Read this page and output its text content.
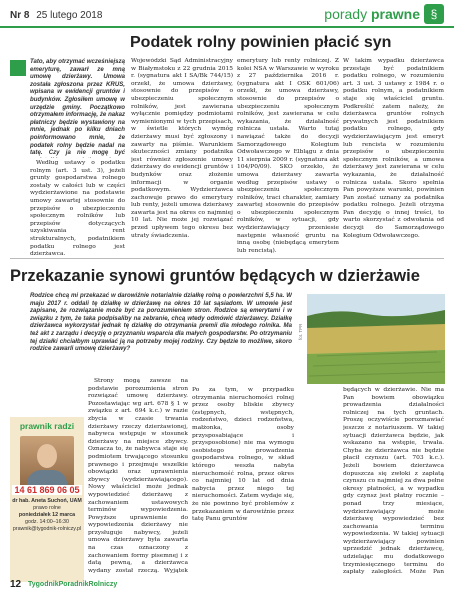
Nr 8 25 lutego 2018	porady prawne §
Podatek rolny powinien płacić syn
Tato, aby otrzymać wcześniejszą emeryturę, zawarł ze mną umowę dzierżawy. Umowa została zgłoszona przez KRUS, wpisana w ewidencji gruntów i budynków. Zgłosiłem umowę w urzędzie gminy. Początkowo otrzymałem informację, że nakaz płatniczy będzie wystawiony na mnie, jednak po kilku dniach poinformowano mnie, że podatek rolny będzie nadal na tatę. Czy ja nie mogę być
Według ustawy o podatku rolnym (art. 3 ust. 3), jeżeli grunty gospodarstwa rolnego zostały w całości lub w części wydzierżawione na podstawie umowy zawartej stosownie do przepisów o ubezpieczeniu społecznym rolników lub przepisów dotyczących uzyskiwania rent strukturalnych, podatnikiem podatku rolnego jest dzierżawca.
Wojewódzki Sąd Administracyjny w Białymstoku z 22 grudnia 2015 r. (sygnatura akt I SA/Bk 744/15) orzekł, że umowa dzierżawy, stosownie do przepisów o ubezpieczeniu społecznym rolników, jest zawierana wyłącznie pomiędzy podmiotami wymienionymi w tych przepisach, w świetle których wymóg dzierżawy musi być zgłoszony i zawarty na piśmie. Warunkiem skuteczności zmiany podatnika jest również zgłoszenie umowy dzierżawy do ewidencji gruntów i budynków oraz złożenie informacji w organie podatkowym. Wydzierżawca zachowuje prawo do emerytury lub renty, jeżeli umowa dzierżawy zawarta jest na okres co najmniej 10 lat. Nie może jej rozwiązać przed upływem tego okresu bez utraty świadczenia.
emerytury lub renty rolniczej. Z kolei NSA w Warszawie w wyroku z 27 października 2016 r. (sygnatura akt I OSK 601/06) orzekł, że umowa dzierżawy, stosownie do przepisów o ubezpieczeniu społecznym rolników, jest zawierana w celu wykazania, że działalność rolnicza ustała. Warto tutaj nawiązać także do decyzji Samorządowego Kolegium Odwoławczego w Elblągu z dnia 11 sierpnia 2009 r. (sygnatura akt 104/P0/09). SKO orzekło, że umowa dzierżawy zawarta według przepisów ustawy o ubezpieczeniu społecznym rolników, traci charakter, zamiary zawartej stosownie do przepisów o ubezpieczeniu społecznym rolników, w sytuacji, gdy wydzierżawiający przeniesie następnie własność gruntu na inną osobę (niebędącą emerytem lub rencistą).
W takim wypadku dzierżawca przestaje być podatnikiem podatku rolnego, w rozumieniu art. 3 ust. 3 ustawy z 1984 r. o podatku rolnym, a podatnikiem staje się właściciel gruntu. Podkreślić zatem należy, że dzierżawca gruntów rolnych prywatnych jest podatnikiem podatku rolnego, gdy wydzierżawiającym jest emeryt lub rencista w rozumieniu przepisów o ubezpieczeniu społecznym rolników, a umowa dzierżawy jest zawierana w celu wykazania, że działalność rolnicza ustała. Skoro spełnia Pan powyższe warunki, powinien Pan zostać uznany za podatnika podatku rolnego. Jeżeli otrzyma Pan decyzję o innej treści, to warto skorzystać z odwołania od decyzji do Samorządowego Kolegium Odwoławczego.
Przekazanie synowi gruntów będących w dzierżawie
Rodzice chcą mi przekazać w darowiźnie notarialnie działkę rolną o powierzchni 5,5 ha. W maju 2017 r. oddali tę działkę w dzierżawę na okres 10 lat sąsiadom. W umowie jest zapisane, że rozwiązanie może być za porozumieniem stron. Rodzice są emerytami i w związku z tym, że taka podpisaliby na zebranie, chcą wtedy odmówić dzierżawcy. Działkę dzierżawca wykorzystał jednak tę działkę do otrzymania premii dla młodego rolnika. Ma też akt z zarządu i decyzję o przyznaniu wsparcia dla małych gospodarstw. Po otrzymaniu tej działki chciałbym uprawiać ją na potrzeby mojej rodziny. Czy będzie to możliwe, skoro rodzice zawarli umowę dzierżawy?
fot. TPR
Strony mogą zawsze na podstawie porozumienia stron rozwiązać umowę dzierżawy. Pozostawiając wg art. 678 § 1 w związku z art. 694 k.c.) w razie zbycia w czasie trwania dzierżawy rzeczy dzierżawionej, nabywca wstępuje w stosunek dzierżawy na miejsce zbywcy. Oznacza to, że nabywca staje się podmiotem trwającego stosunku prawnego i przejmuje wszelkie obowiązki oraz uprawnienia zbywcy (wydzierżawiającego). Nowy właściciel może jednak wypowiedzieć dzierżawę z zachowaniem ustawowych terminów wypowiedzenia. Powyższe uprawnienie do wypowiedzenia dzierżawy nie przysługuje nabywcy, jeżeli umowa dzierżawy była zawarta na czas oznaczony z zachowaniem formy pisemnej i z datą pewną, a dzierżawca wydany został rzeczą. Wyjątek
Po za tym, w przypadku otrzymania nieruchomości rolnej przez osoby bliskie zbywcy (zstępnych, wstępnych, rodzeństwo, dzieci rodzeństwa, małżonka, osoby przysposabiające i przysposobione) nie ma wymogu osobistego prowadzenia gospodarstwa rolnego, w skład którego weszła nabyta nieruchomość rolna, przez okres co najmniej 10 lat od dnia nabycia przez niego tej nieruchomości. Zatem wydaje się, że nie powinno być problemów z przekazaniem w darowiźnie przez tatę Panu gruntów
będących w dzierżawie. Nie ma Pan bowiem obowiązku prowadzenia działalności rolniczej na tych gruntach. Proszę oczywiście porozmawiać jeszcze z notariuszem. W takiej sytuacji dzierżawca będzie, jak wskazano na wstępie, trwała. Chyba że dzierżawca nie będzie płacił czynszu (art. 703 k.c.). Jeżeli bowiem dzierżawca dopuszcza się zwłoki z zapłatą czynszu co najmniej za dwa pełne okresy płatności, a w wypadku gdy czynsz jest płatny rocznie – ponad trzy miesiące, wydzierżawiający może dzierżawę wypowiedzieć bez zachowania terminu wypowiedzenia. W takiej sytuacji wydzierżawiający powinien uprzedzić jednak dzierżawcę, udzielając mu dodatkowego trzymiesięcznego terminu do zapłaty zaległości. Może Pan
prawnik radzi
14 61 869 06 05
dr hab. Aneta Suchoń, UAM
prawo rolne
poniedziałek 12 marca
godz. 14:00–16:30
prawnik@tygodnik-rolniczy.pl
12 TygodnikPoradnikRolniczy
